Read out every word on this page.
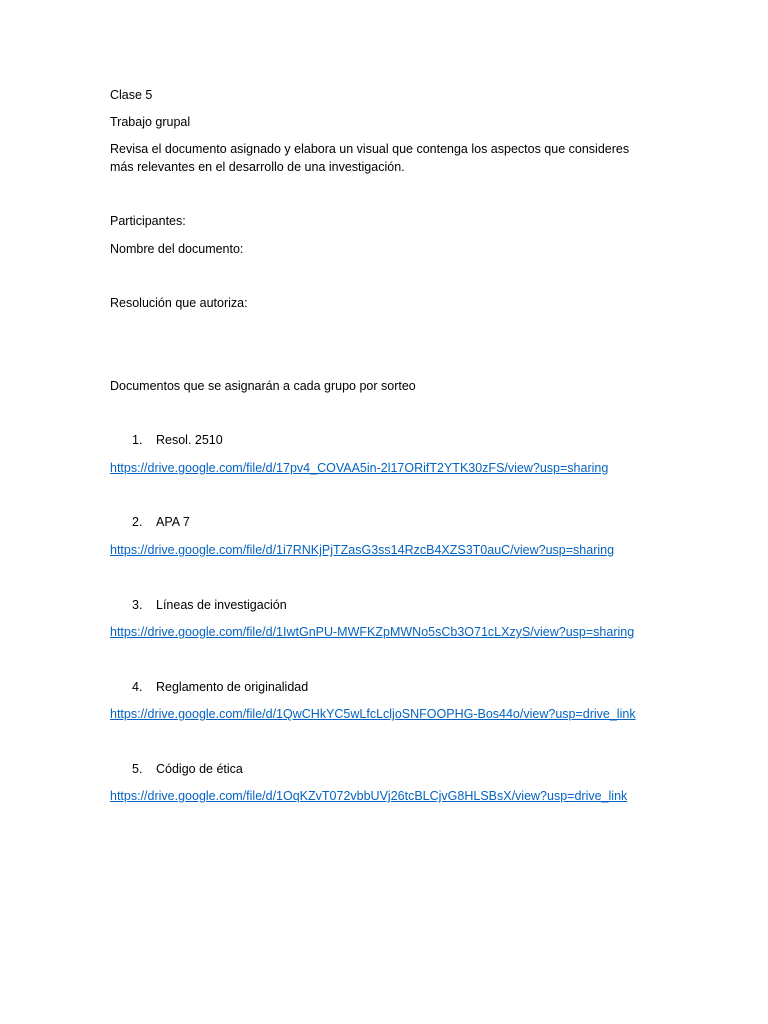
Clase 5
Trabajo grupal
Revisa el documento asignado y elabora un visual que contenga los aspectos que consideres más relevantes en el desarrollo de una investigación.
Participantes:
Nombre del documento:
Resolución que autoriza:
Documentos que se asignarán a cada grupo por sorteo
1. Resol. 2510
https://drive.google.com/file/d/17pv4_COVAA5in-2l17ORifT2YTK30zFS/view?usp=sharing
2. APA 7
https://drive.google.com/file/d/1i7RNKjPjTZasG3ss14RzcB4XZS3T0auC/view?usp=sharing
3. Líneas de investigación
https://drive.google.com/file/d/1IwtGnPU-MWFKZpMWNo5sCb3O71cLXzyS/view?usp=sharing
4. Reglamento de originalidad
https://drive.google.com/file/d/1QwCHkYC5wLfcLcljoSNFOOPHG-Bos44o/view?usp=drive_link
5. Código de ética
https://drive.google.com/file/d/1OqKZvT072vbbUVj26tcBLCjvG8HLSBsX/view?usp=drive_link
